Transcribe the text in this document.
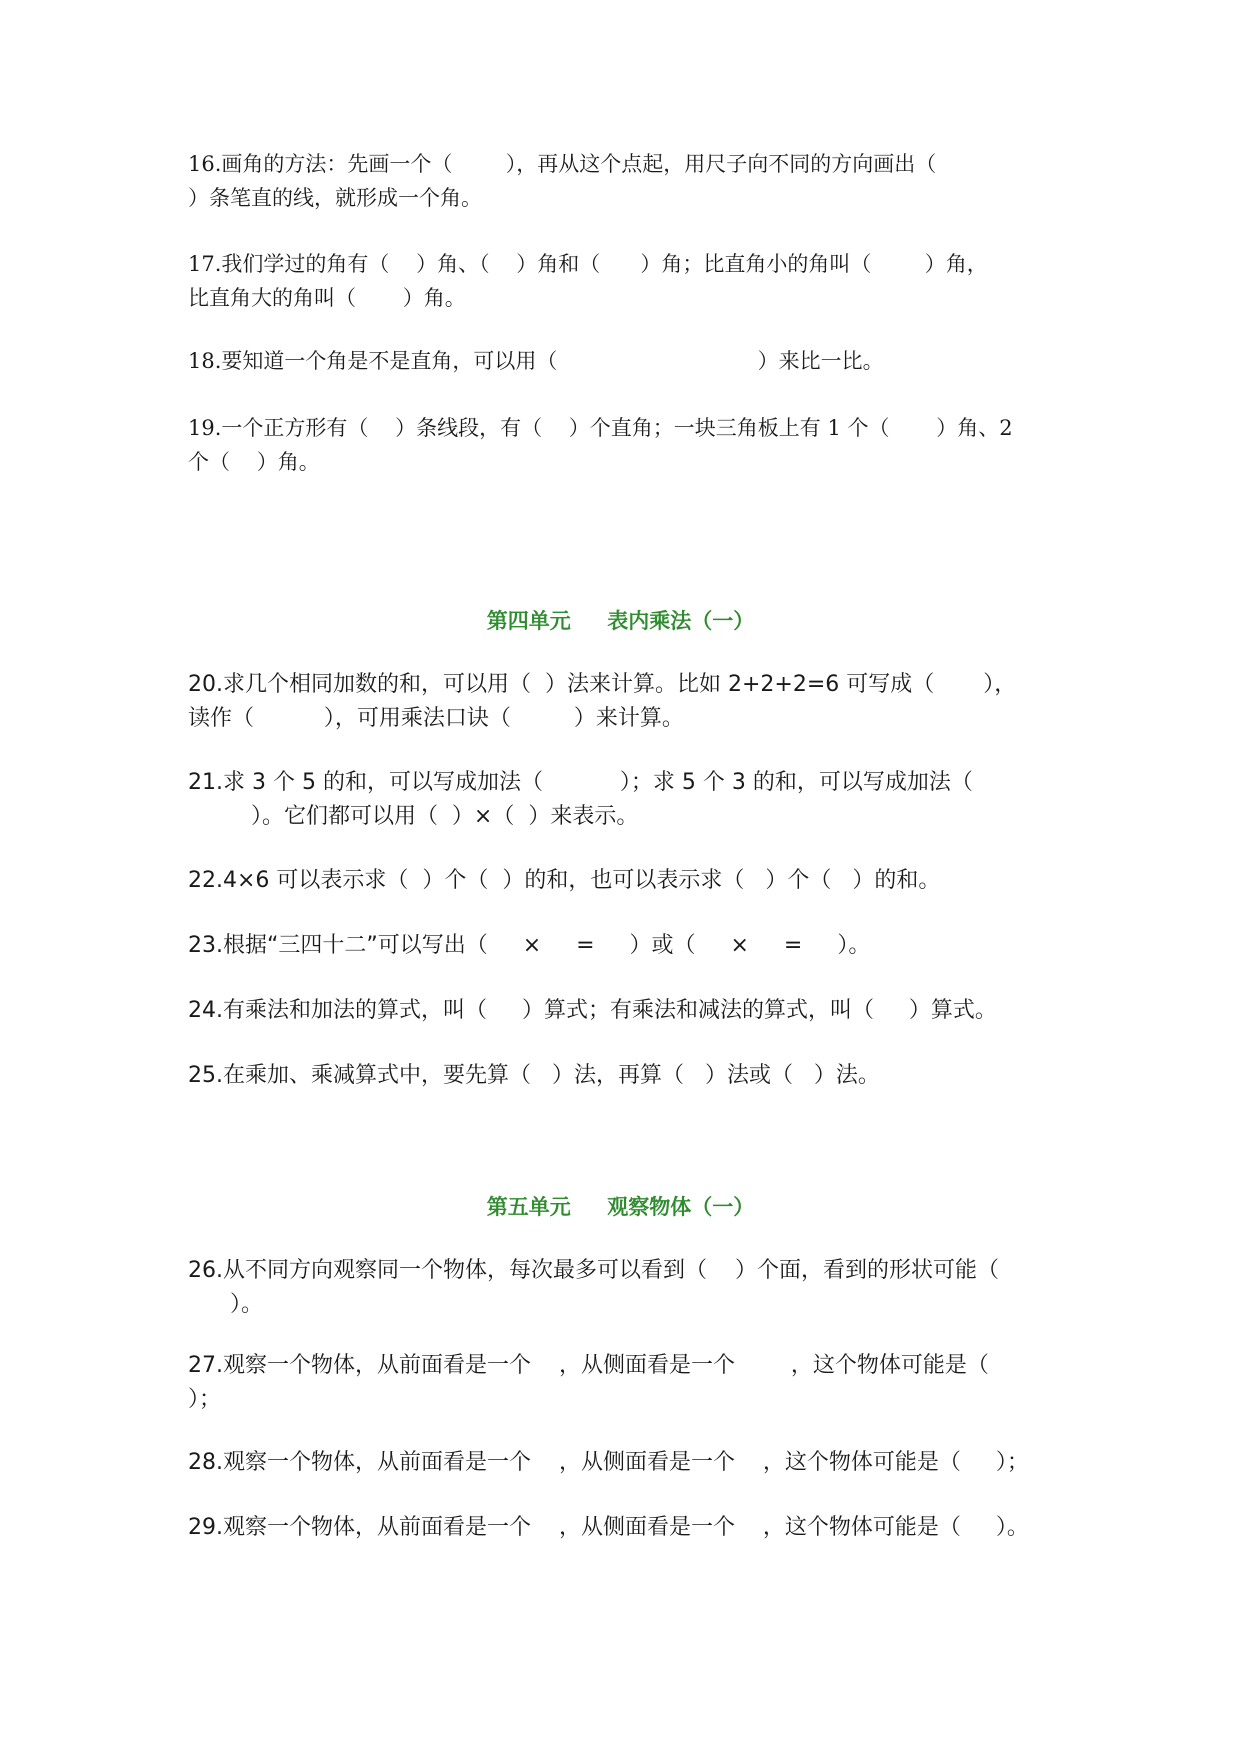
16.画角的方法：先画一个（        ），再从这个点起，用尺子向不同的方向画出（
）条笔直的线，就形成一个角。

17.我们学过的角有（    ）角、（    ）角和（      ）角；比直角小的角叫（        ）角，
比直角大的角叫（       ）角。

18.要知道一个角是不是直角，可以用（                              ）来比一比。

19.一个正方形有（    ）条线段，有（    ）个直角；一块三角板上有 1 个（       ）角、2
个（    ）角。

第四单元     表内乘法（一）

20.求几个相同加数的和，可以用（  ）法来计算。比如 2+2+2=6 可写成（       ），
读作（          ），可用乘法口诀（         ）来计算。

21.求 3 个 5 的和，可以写成加法（           ）；求 5 个 3 的和，可以写成加法（
）。它们都可以用（  ）×（  ）来表示。

22.4×6 可以表示求（  ）个（  ）的和，也可以表示求（   ）个（   ）的和。

23.根据“三四十二”可以写出（     ×     =     ）或（     ×     =     ）。

24.有乘法和加法的算式，叫（     ）算式；有乘法和减法的算式，叫（     ）算式。

25.在乘加、乘减算式中，要先算（   ）法，再算（   ）法或（   ）法。

第五单元     观察物体（一）

26.从不同方向观察同一个物体，每次最多可以看到（    ）个面，看到的形状可能（
）。

27.观察一个物体，从前面看是一个    ，从侧面看是一个        ，这个物体可能是（
）；

28.观察一个物体，从前面看是一个    ，从侧面看是一个    ，这个物体可能是（     ）；

29.观察一个物体，从前面看是一个    ，从侧面看是一个    ，这个物体可能是（     ）。
